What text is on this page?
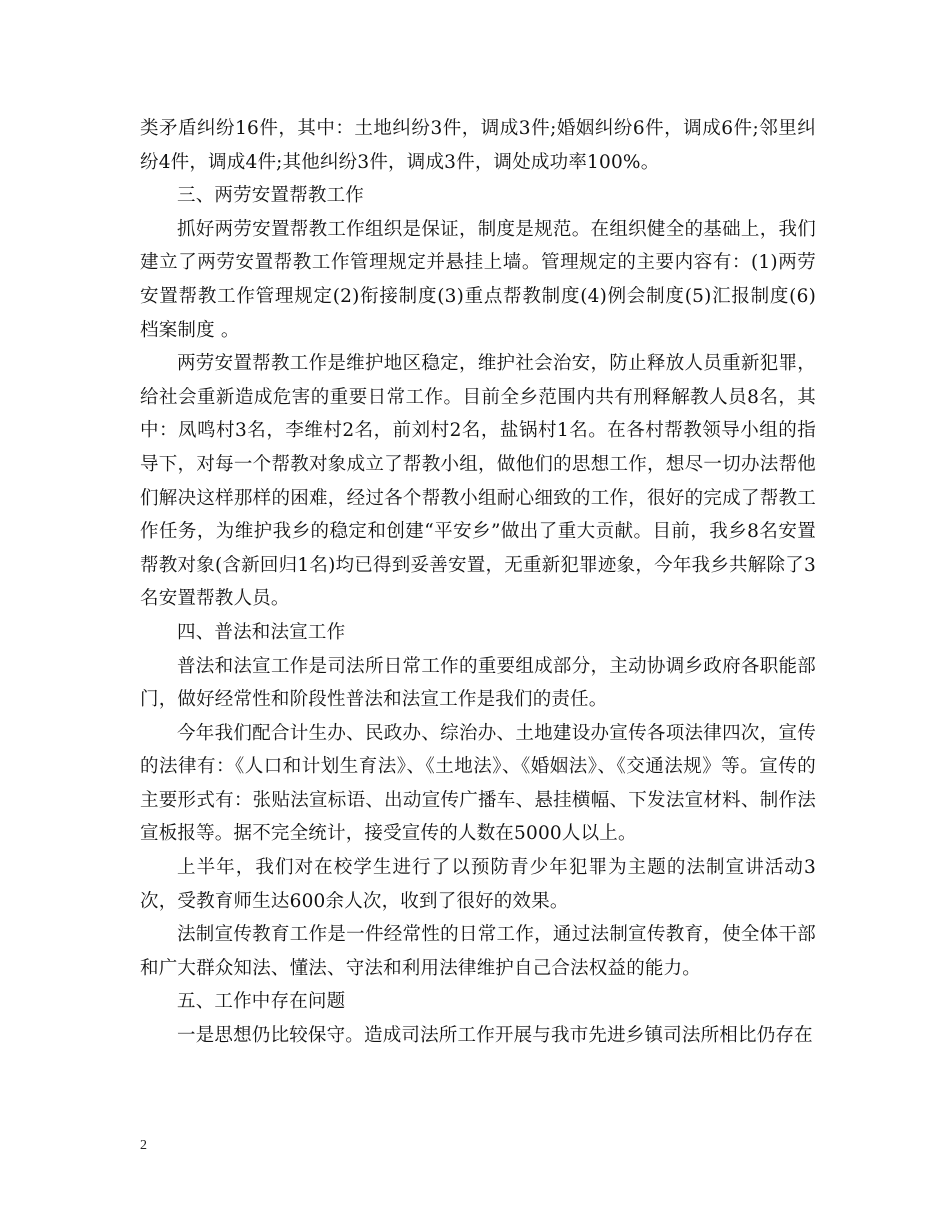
类矛盾纠纷16件，其中：土地纠纷3件，调成3件;婚姻纠纷6件，调成6件;邻里纠纷4件，调成4件;其他纠纷3件，调成3件，调处成功率100%。

三、两劳安置帮教工作

抓好两劳安置帮教工作组织是保证，制度是规范。在组织健全的基础上，我们建立了两劳安置帮教工作管理规定并悬挂上墙。管理规定的主要内容有：(1)两劳安置帮教工作管理规定(2)衔接制度(3)重点帮教制度(4)例会制度(5)汇报制度(6)档案制度 。

两劳安置帮教工作是维护地区稳定，维护社会治安，防止释放人员重新犯罪，给社会重新造成危害的重要日常工作。目前全乡范围内共有刑释解教人员8名，其中：凤鸣村3名，李维村2名，前刘村2名，盐锅村1名。在各村帮教领导小组的指导下，对每一个帮教对象成立了帮教小组，做他们的思想工作，想尽一切办法帮他们解决这样那样的困难，经过各个帮教小组耐心细致的工作，很好的完成了帮教工作任务，为维护我乡的稳定和创建“平安乡”做出了重大贡献。目前，我乡8名安置帮教对象(含新回归1名)均已得到妥善安置，无重新犯罪迹象，今年我乡共解除了3名安置帮教人员。

四、普法和法宣工作

普法和法宣工作是司法所日常工作的重要组成部分，主动协调乡政府各职能部门，做好经常性和阶段性普法和法宣工作是我们的责任。

今年我们配合计生办、民政办、综治办、土地建设办宣传各项法律四次，宣传的法律有：《人口和计划生育法》、《土地法》、《婚姻法》、《交通法规》等。宣传的主要形式有：张贴法宣标语、出动宣传广播车、悬挂横幅、下发法宣材料、制作法宣板报等。据不完全统计，接受宣传的人数在5000人以上。

上半年，我们对在校学生进行了以预防青少年犯罪为主题的法制宣讲活动3次，受教育师生达600余人次，收到了很好的效果。

法制宣传教育工作是一件经常性的日常工作，通过法制宣传教育，使全体干部和广大群众知法、懂法、守法和利用法律维护自己合法权益的能力。

五、工作中存在问题

一是思想仍比较保守。造成司法所工作开展与我市先进乡镇司法所相比仍存在

2
